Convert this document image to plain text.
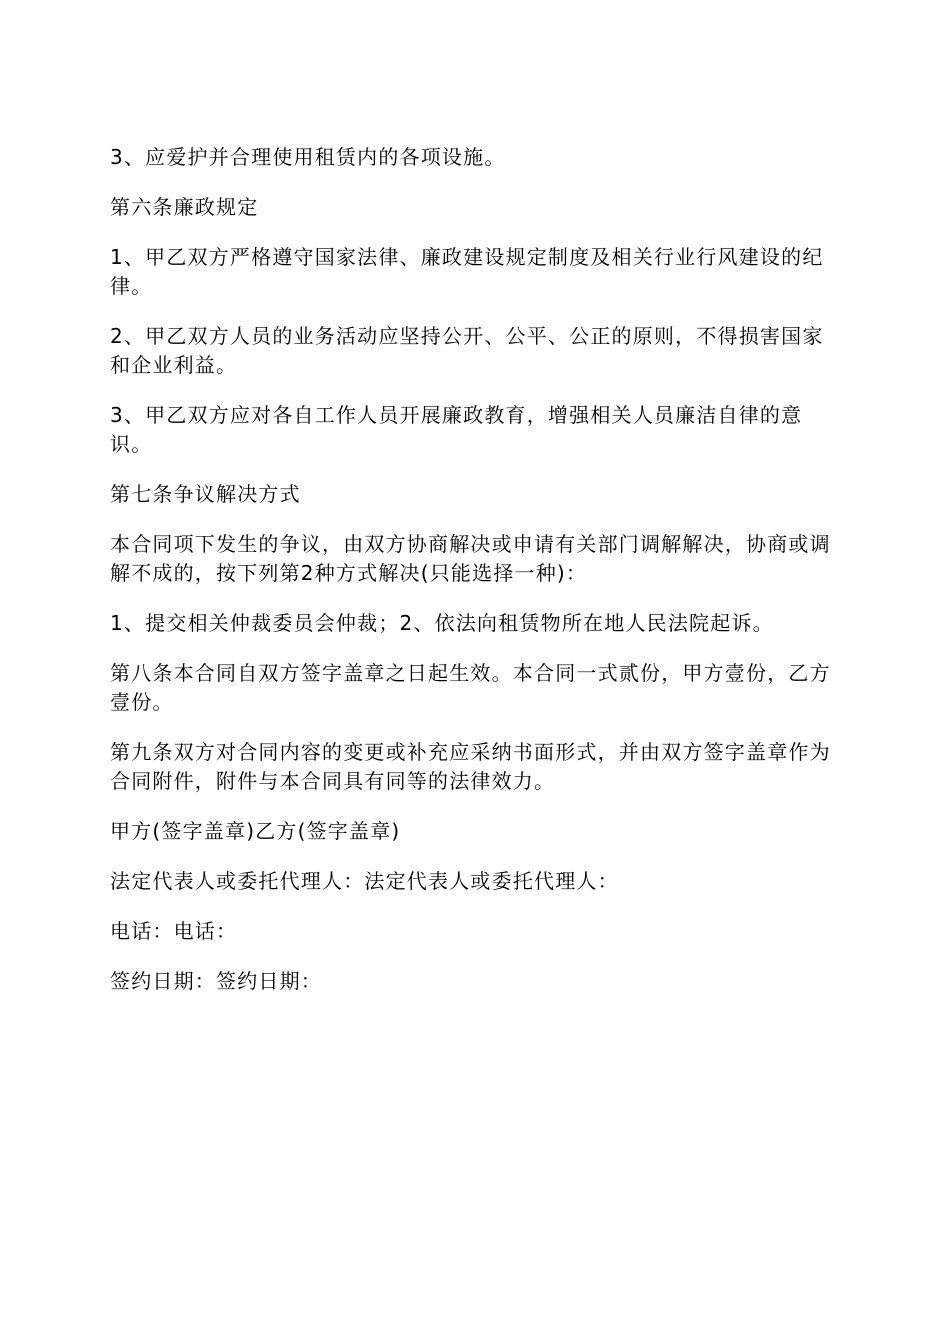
3、应爱护并合理使用租赁内的各项设施。

第六条廉政规定

1、甲乙双方严格遵守国家法律、廉政建设规定制度及相关行业行风建设的纪律。

2、甲乙双方人员的业务活动应坚持公开、公平、公正的原则，不得损害国家和企业利益。

3、甲乙双方应对各自工作人员开展廉政教育，增强相关人员廉洁自律的意识。

第七条争议解决方式

本合同项下发生的争议，由双方协商解决或申请有关部门调解解决，协商或调解不成的，按下列第2种方式解决(只能选择一种)：

1、提交相关仲裁委员会仲裁；2、依法向租赁物所在地人民法院起诉。

第八条本合同自双方签字盖章之日起生效。本合同一式贰份，甲方壹份，乙方壹份。

第九条双方对合同内容的变更或补充应采纳书面形式，并由双方签字盖章作为合同附件，附件与本合同具有同等的法律效力。

甲方(签字盖章)乙方(签字盖章)

法定代表人或委托代理人：法定代表人或委托代理人：

电话：电话：

签约日期：签约日期：
